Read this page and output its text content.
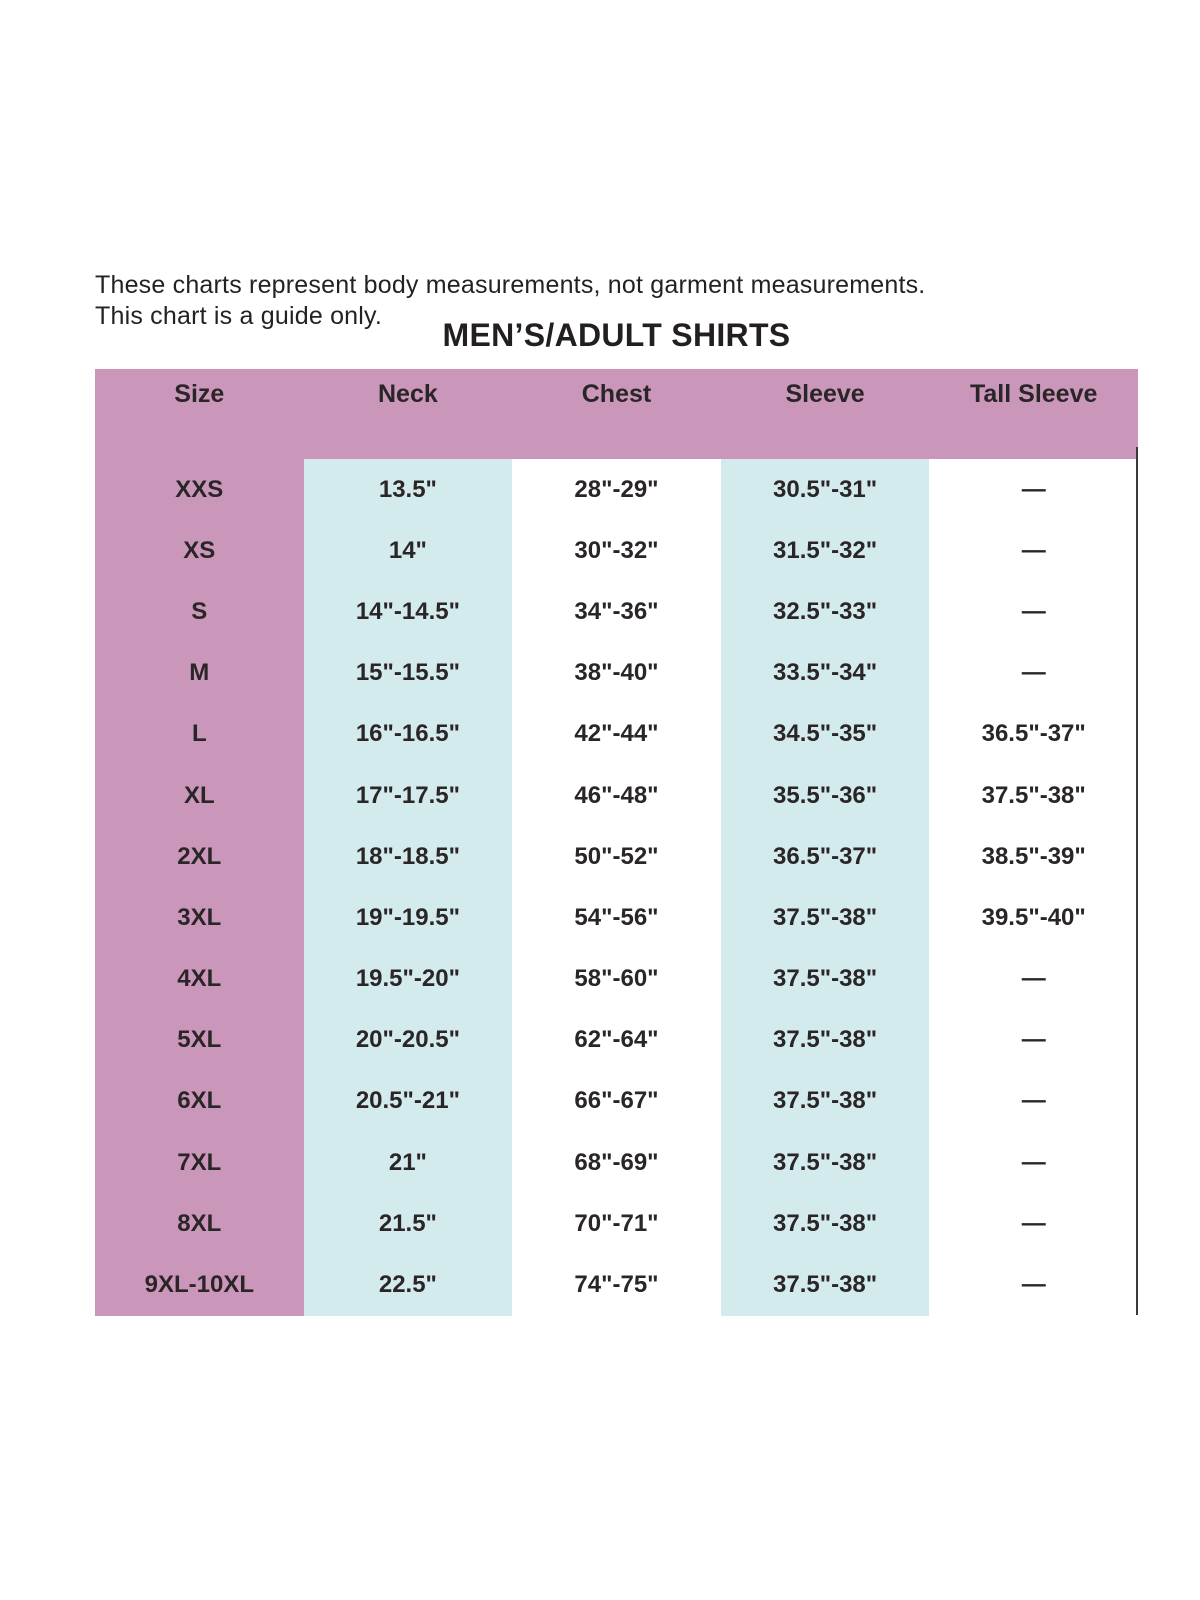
These charts represent body measurements, not garment measurements.
This chart is a guide only.
MEN’S/ADULT SHIRTS
Size	Neck	Chest	Sleeve	Tall Sleeve
XXS	13.5"	28"-29"	30.5"-31"	—
XS	14"	30"-32"	31.5"-32"	—
S	14"-14.5"	34"-36"	32.5"-33"	—
M	15"-15.5"	38"-40"	33.5"-34"	—
L	16"-16.5"	42"-44"	34.5"-35"	36.5"-37"
XL	17"-17.5"	46"-48"	35.5"-36"	37.5"-38"
2XL	18"-18.5"	50"-52"	36.5"-37"	38.5"-39"
3XL	19"-19.5"	54"-56"	37.5"-38"	39.5"-40"
4XL	19.5"-20"	58"-60"	37.5"-38"	—
5XL	20"-20.5"	62"-64"	37.5"-38"	—
6XL	20.5"-21"	66"-67"	37.5"-38"	—
7XL	21"	68"-69"	37.5"-38"	—
8XL	21.5"	70"-71"	37.5"-38"	—
9XL-10XL	22.5"	74"-75"	37.5"-38"	—
